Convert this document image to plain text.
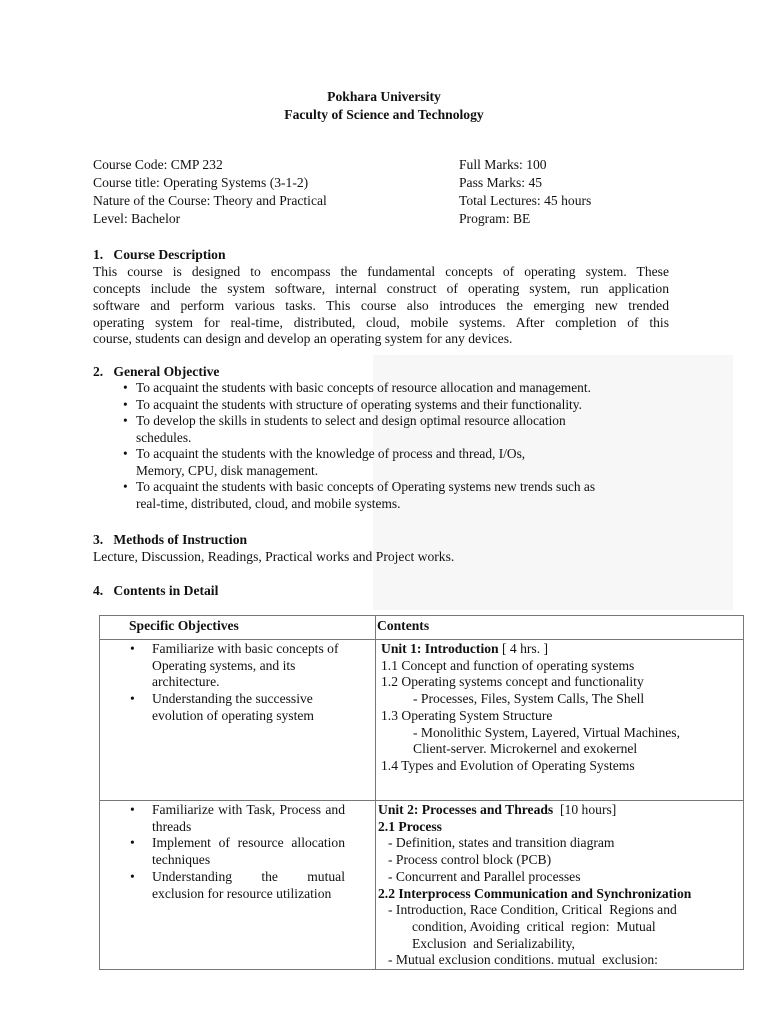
Pokhara University
Faculty of Science and Technology
Course Code: CMP 232
Course title: Operating Systems (3-1-2)
Nature of the Course: Theory and Practical
Level: Bachelor
Full Marks: 100
Pass Marks: 45
Total Lectures: 45 hours
Program: BE
1.   Course Description
This course is designed to encompass the fundamental concepts of operating system. These
concepts include the system software, internal construct of operating system, run application
software and perform various tasks. This course also introduces the emerging new trended
operating system for real-time, distributed, cloud, mobile systems. After completion of this
course, students can design and develop an operating system for any devices.
2.   General Objective
• To acquaint the students with basic concepts of resource allocation and management.
• To acquaint the students with structure of operating systems and their functionality.
• To develop the skills in students to select and design optimal resource allocation
schedules.
• To acquaint the students with the knowledge of process and thread, I/Os,
Memory, CPU, disk management.
• To acquaint the students with basic concepts of Operating systems new trends such as
real-time, distributed, cloud, and mobile systems.
3.   Methods of Instruction
Lecture, Discussion, Readings, Practical works and Project works.
4.   Contents in Detail
Specific Objectives	Contents
• Familiarize with basic concepts of Operating systems, and its architecture.
• Understanding the successive evolution of operating system
Unit 1: Introduction [ 4 hrs. ]
1.1 Concept and function of operating systems
1.2 Operating systems concept and functionality
- Processes, Files, System Calls, The Shell
1.3 Operating System Structure
- Monolithic System, Layered, Virtual Machines,
Client-server. Microkernel and exokernel
1.4 Types and Evolution of Operating Systems
• Familiarize with Task, Process and threads
• Implement of resource allocation techniques
• Understanding the mutual exclusion for resource utilization
Unit 2: Processes and Threads  [10 hours]
2.1 Process
- Definition, states and transition diagram
- Process control block (PCB)
- Concurrent and Parallel processes
2.2 Interprocess Communication and Synchronization
- Introduction, Race Condition, Critical  Regions and
condition, Avoiding  critical  region:  Mutual
Exclusion  and Serializability,
- Mutual exclusion conditions. mutual  exclusion:
